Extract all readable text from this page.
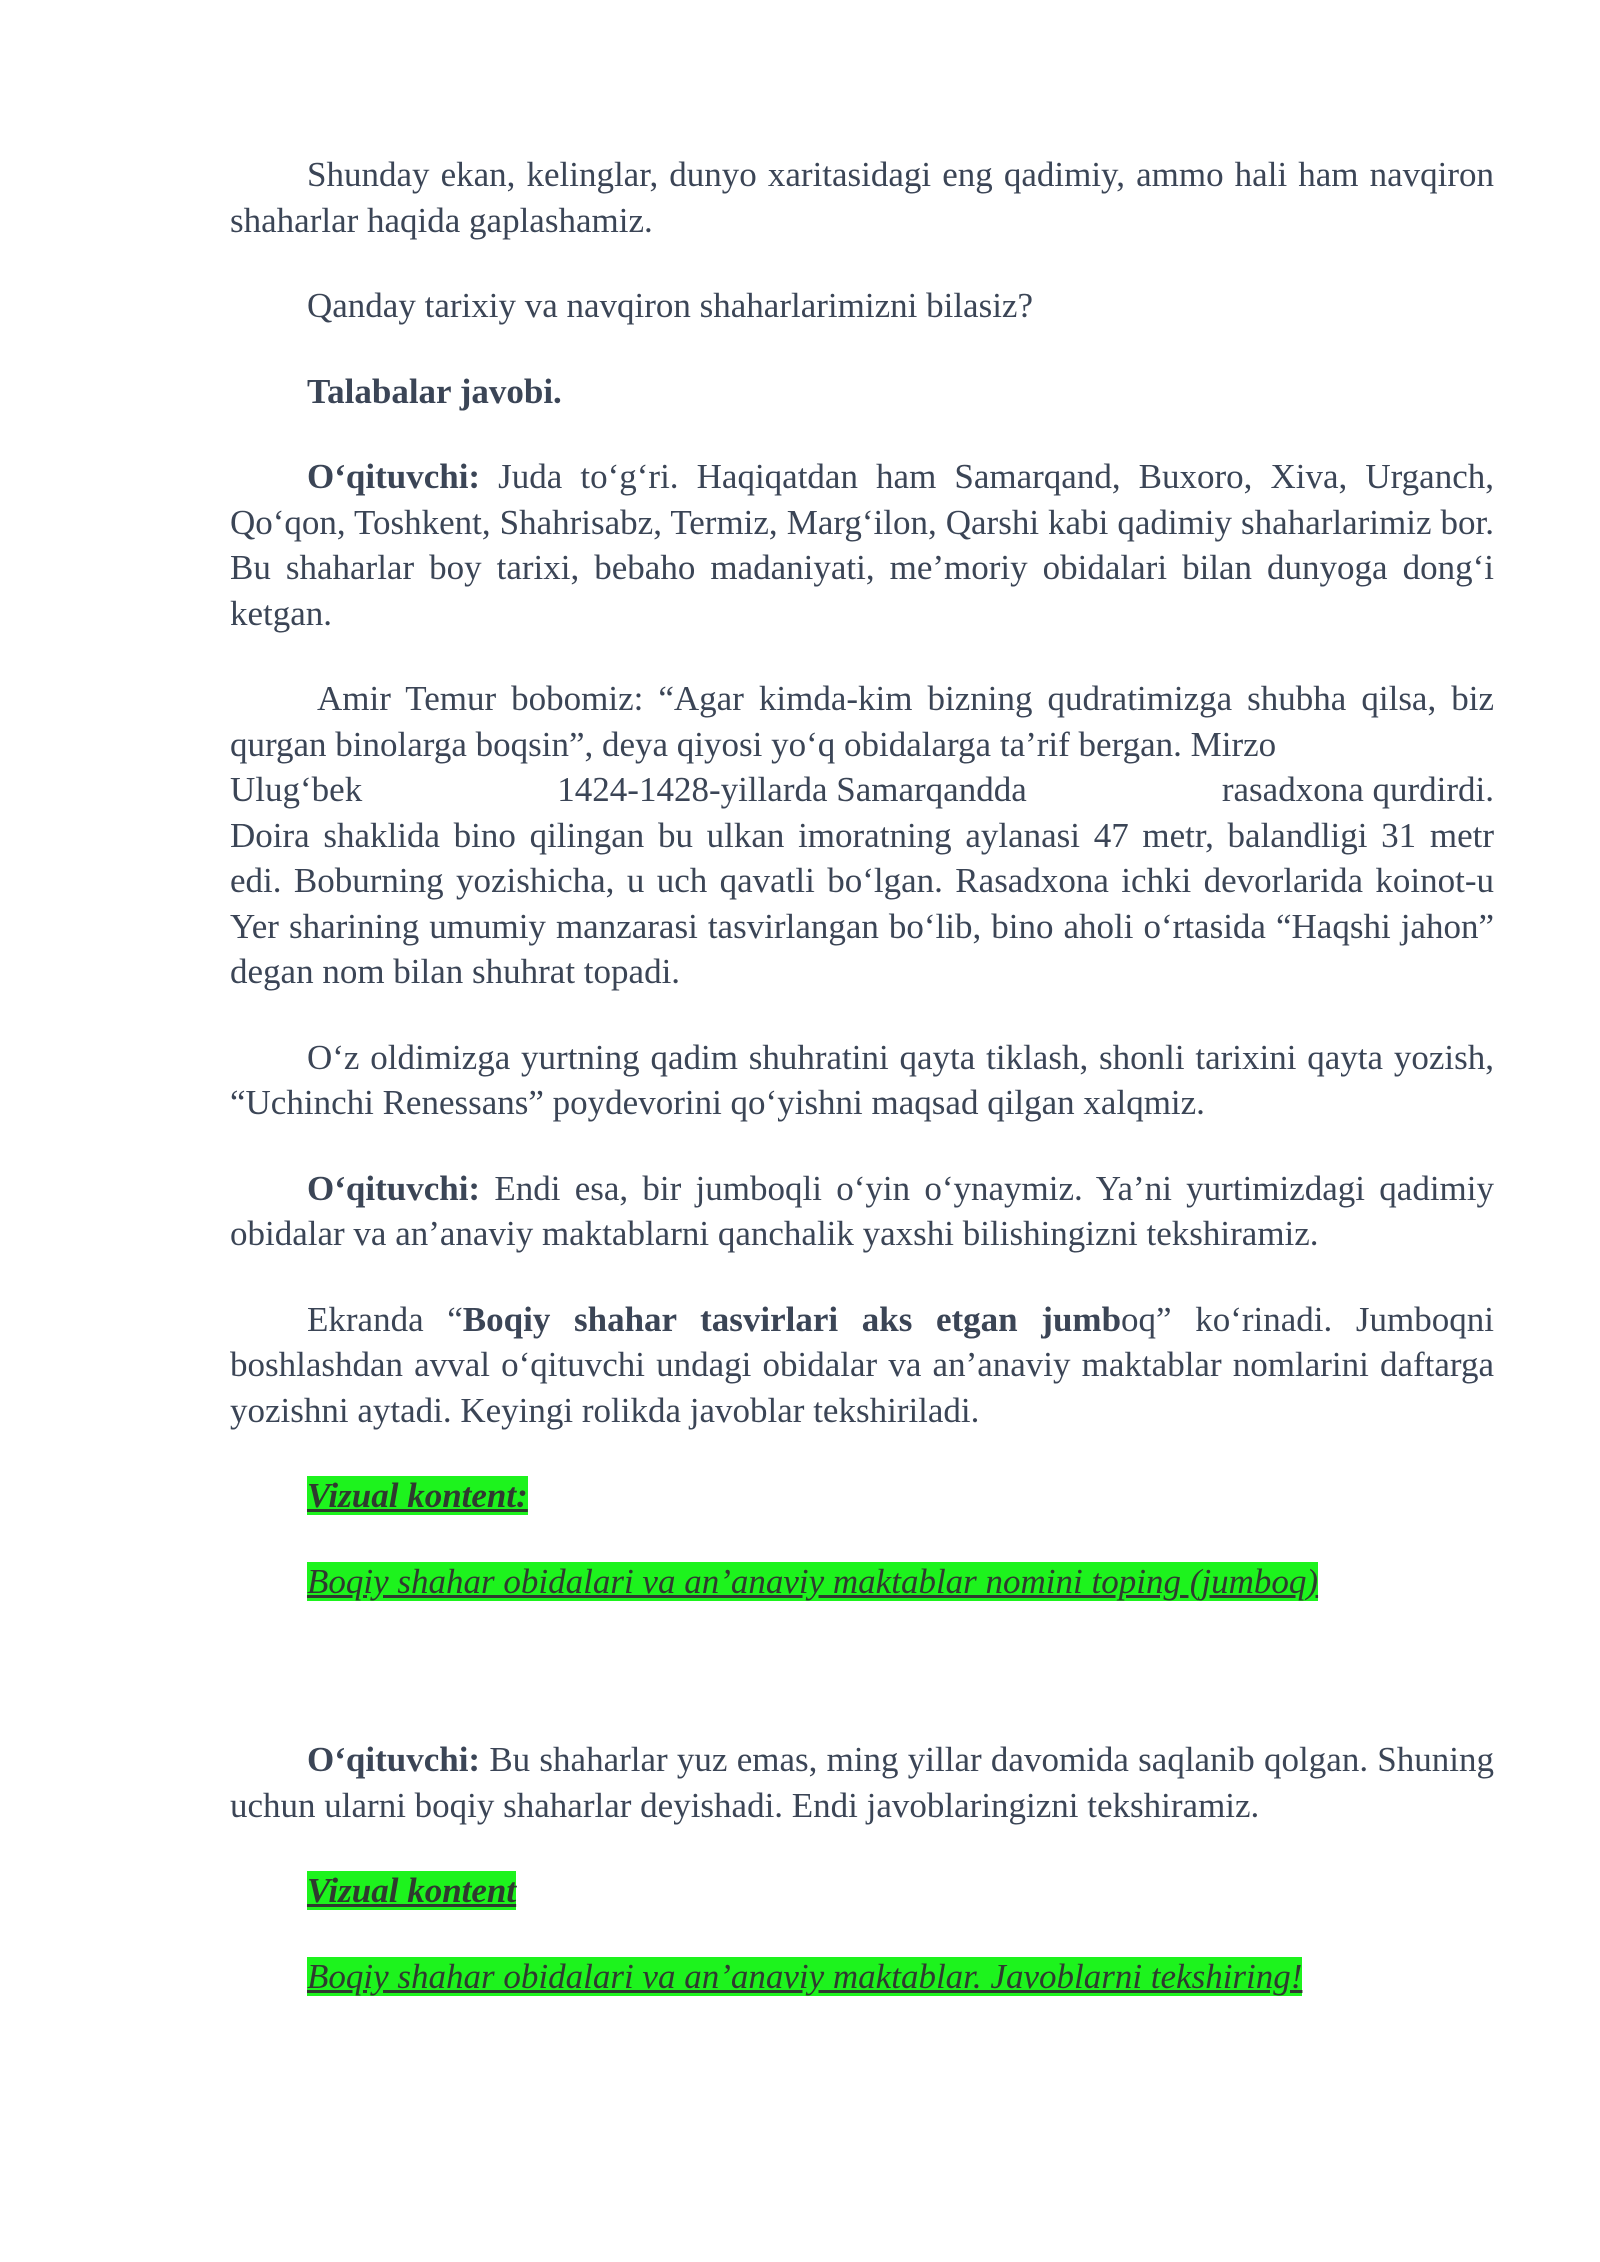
Shunday ekan, kelinglar, dunyo xaritasidagi eng qadimiy, ammo hali ham navqiron shaharlar haqida gaplashamiz.

Qanday tarixiy va navqiron shaharlarimizni bilasiz?

Talabalar javobi.

O‘qituvchi: Juda to‘g‘ri. Haqiqatdan ham Samarqand, Buxoro, Xiva, Urganch, Qo‘qon, Toshkent, Shahrisabz, Termiz, Marg‘ilon, Qarshi kabi qadimiy shaharlarimiz bor. Bu shaharlar boy tarixi, bebaho madaniyati, me’moriy obidalari bilan dunyoga dong‘i ketgan.

Amir Temur bobomiz: “Agar kimda-kim bizning qudratimizga shubha qilsa, biz qurgan binolarga boqsin”, deya qiyosi yo‘q obidalarga ta’rif bergan. Mirzo

Ulug‘bek	1424-1428-yillarda Samarqandda	rasadxona qurdirdi.

Doira shaklida bino qilingan bu ulkan imoratning aylanasi 47 metr, balandligi 31 metr edi. Boburning yozishicha, u uch qavatli bo‘lgan. Rasadxona ichki devorlarida koinot-u Yer sharining umumiy manzarasi tasvirlangan bo‘lib, bino aholi o‘rtasida “Haqshi jahon” degan nom bilan shuhrat topadi.

O‘z oldimizga yurtning qadim shuhratini qayta tiklash, shonli tarixini qayta yozish, “Uchinchi Renessans” poydevorini qo‘yishni maqsad qilgan xalqmiz.

O‘qituvchi: Endi esa, bir jumboqli o‘yin o‘ynaymiz. Ya’ni yurtimizdagi qadimiy obidalar va an’anaviy maktablarni qanchalik yaxshi bilishingizni tekshiramiz.

Ekranda “Boqiy shahar tasvirlari aks etgan jumboq” ko‘rinadi. Jumboqni boshlashdan avval o‘qituvchi undagi obidalar va an’anaviy maktablar nomlarini daftarga yozishni aytadi. Keyingi rolikda javoblar tekshiriladi.

Vizual kontent:

Boqiy shahar obidalari va an’anaviy maktablar nomini toping (jumboq)

O‘qituvchi: Bu shaharlar yuz emas, ming yillar davomida saqlanib qolgan. Shuning uchun ularni boqiy shaharlar deyishadi. Endi javoblaringizni tekshiramiz.

Vizual kontent

Boqiy shahar obidalari va an’anaviy maktablar. Javoblarni tekshiring!
